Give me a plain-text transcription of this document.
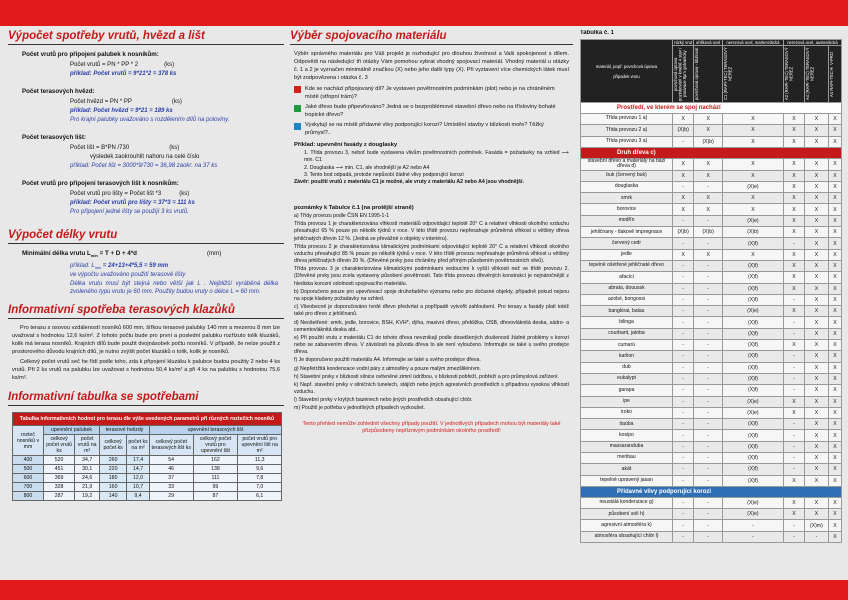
Výpočet spotřeby vrutů, hvězd a lišt
Počet vrutů pro připojení palubek k nosníkům:
Počet vrutů = PN * PP * 2	(ks)
příklad: Počet vrutů = 9*21*2 = 378 ks
Počet terasových hvězd:
Počet hvězd = PN * PP	(ks)
příklad: Počet hvězd = 9*21 = 189 ks
Pro krajní palubky uvažováno s rozdělením dílů na poloviny.
Počet terasových lišt:
Počet lišt = B*PN /730	(ks)
výsledek zaokrouhlit nahoru na celé číslo
příklad: Počet lišt = 3000*9/730 = 36,98 zaokr. na 37 ks
Počet vrutů pro připojení terasových lišt k nosníkům:
Počet vrutů pro lišty = Počet lišt *3	(ks)
příklad: Počet vrutů pro lišty = 37*3 = 111 ks
Pro připojení jedné lišty se použijí 3 ks vrutů.
Výpočet délky vrutu
Minimální délka vrutu $L_{min} = T + D + 4*d$	(mm)
příklad: $L_{min} = 24+13+4*5,5 = 59$ mm
ve výpočtu uvažováno použití terasové lišty
Délka vrutu musí být stejná nebo větší jak L . Nejbližší vyráběná délka zvoleného typu vrutu je 60 mm. Použity budou vruty o délce L = 60 mm.
Informativní spotřeba terasových klazůků
Pro terasu s osovou vzdáleností nosníků 600 mm, šířkou terasové palubky 140 mm a mezerou 8 mm lze uvažovat s hodnotou 12,6 ks/m². Z tohoto počtu bude pro první a poslední palubku rozřízuto tolik kluzáků, kolik má terasa nosníků. Krajních dílů bude použit dvojnásobek počtu nosníků. V případě, že nelze použít z prostorového důvodu krajních dílů, je nutno zvýšit počet kluzáků o tolik, kolik je nosníků.
Celkový počet vrutů seč he řídí podle toho, zda k připojení kluzáku k palubce budou použity 2 nebo 4 ks vrutů. Při 2 ks vrutů na palubku lze uvažovat s hodnotou 50,4 ks/m² a při 4 ks na palubku s hodnotou 75,6 ks/m².
Informativní tabulka se spotřebami
Tabulka informativních hodnot pro terasu dle výše uvedených parametrů při různých roztečích nosníků							
rozteč nosníků v mm	upevnění palubek		terasové hvězdy		upevnění terasových lišt		
	celkový počet vrutů ks	počet vrutů na m²	celkový počet ks	počet ks na m²	celkový počet terasových lišt ks	celkový počet vrutů pro upevnění lišt	počet vrutů pro upevnění lišt na m²
400	520	34,7	260	17,4	54	162	11,3
500	451	30,1	220	14,7	46	138	9,6
600	369	24,6	180	12,0	37	111	7,8
700	328	21,9	160	10,7	33	99	7,0
800	287	19,2	140	9,4	29	87	6,1
Výběr spojovacího materiálu
Výběr správného materiálu pro Váš projekt je rozhodující pro dlouhou životnost a Vaši spokojenost s dílem. Odpovědi na následující tři otázky Vám pomohou vybrat vhodný spojovací materiál. Vhodný materiál u otázky č. 1 a 2 je vyznačen minimálně značkou (X) nebo jeho další typy (X). Při vyztavení více chemických látek musí být zodpovězena i otázka č. 3
Kde se nachází připojovaný díl? Je vystaven povětrnostním podmínkám (plot) nebo je na chráněném místě (střopní trám)?
Jaké dřevo bude připevňováno? Jedná se o bezproblémové stavební dřevo nebo na třísloviny bohaté tropické dřevo?
Vyskytují se na místě přídavné vlivy podporující korozi? Umístění stavby v blízkosti moře? Těžký průmysl?..
Příklad: upevnění fasády z douglasky
1. Třída provozu 3, neboť bude vystavena vlivům povětrnostních podmínek. Fasáda = požadavky na vzhled ⟶ min. C1
2. Douglaska ⟶ min. C1, ale vhodnější je A2 nebo A4
3. Tento bod odpadá, protože nepůsobí žádné vlivy podporující korozi
Závěr: použití vrutů z materiálu C1 je možné, ale vruty z materiálu A2 nebo A4 jsou vhodnější.
poznámky k Tabulce č.1 (na protější straně)

a) Třídy provozu podle ČSN EN 1995-1-1

Třída provozu 1 je charakterizována vlhkostí materiálů odpovídající teplotě 20° C a relativní vlhkosti okolního vzduchu přesahující 65 % pouze po několik týdnů v roce. V této třídě provozu nepřesahuje průměrná vlhkost u většiny dřeva jehličnatých dřevin 12 %. (Jedná se převážně o objekty v interiéru).

Třída provozu 2 je charakterizována klimatickými podmínkami odpovídající teplotě 20° C a relativní vlhkosti okolního vzduchu přesahující 85 % pouze po několik týdnů v roce. V této třídě provozu nepřesahuje průměrná vlhkost u většiny dřeva jehličnatých dřevin 20 %. (Dřevěné prvky jsou chráněny před přímým působením povětrnostních vlivů).

Třída provozu 3 je charakterizována klimatickými podmínkami vedoucími k vyšší vlhkosti než ve třídě provozu 2. (Dřevěné prvky jsou zcela vystaveny působení povětrnosti. Tato třída provozu dřevěných konstrukcí je nejnáročnější z hlediska korozní odolnosti spojovacího materiálu.

b) Doporučeno pouze pro upevňovací spoje druhořadého významu nebo pro dočasné objekty, případně pokud nejsou na spoje kladeny požadavky na vzhled.

c) Všeobecně je doporučováno tvrdé dřevo předvrtat a popřípadě vytvořit zahloubení. Pro terasy a fasády platí totéž také pro dřevo z jehličnanů.

d) Neošetřené: smrk, jedle, borovice, BSH, KVH*, dýha, masivní dřevo, překližka, OSB, dřevovláknitá deska, sádro- a cementovláknitá deska atd..

e) Při použití vrutu z materiálu C1 do tohoto dřeva nevznikají podle dosetšených zkušeností žádné problémy s korozí nebo se zabarvením dřeva. V závislosti na původu dřeva to ale není vyloučeno. Informujte se také u svého prodejce dřeva.

f) Je doporučeno použití materiálu A4. Informujte se také u svého prodejce dřeva.

g) Nepřetržitá kondenzace vodní páry z atmosféry a pouze malým zmezšlilénívm.

h) Stavební prvky v blízkosti silnice ovlivněné zimní údržbou, v blízkosti pobřeží, pobřeží a pro průmyslová zařízení.

k) Např. stavební prvky v silničních tunelech, stájích nebo jiných agresivních prostředích s případnou vysokou vlhkostí vzduchu.

l) Stavební prvky v krytých bazénech nebo jiných prostředích obsahující chlór.

m) Použití je potřeba v jednotlivých případech vyzkoušet.

Tento přehled nemůže zohlednit všechny případy použití. V jednotlivých případech mohou být materiály také přizpůsobeny nepříznivým podmínkám okolního prostředí!
Tabulka č. 1
materiál, popř. povrchová úprava

připadek vrutu	nízký vrut	uhlíková ocel	nerezová ocel, martenzitická	nerezová ocel, austenitická		

	povrchová úprava pozinkování v kvalitě 4 stav / pasivace 8µm galvanicky	povrchová úprava - kbzlovat	C1 (RAPI-TEC) TERASOVÝ NEREZ	A2 (RAPI-TEC) TERASOVÝ NEREZ	A4 (RAPI-TEC) TERASOVÝ NEREZ	A4 RAPI-TEC® V-PRO

Prostředí, ve kterém se spoj nachází						
Třída provozu 1 a)	X	X	X	X	X	X
Třída provozu 2 a)	(X)b)	X	X	X	X	X
Třída provozu 3 a)	-	(X)b)	X	X	X	X
Druh dřeva c)						
stavební dřevo a materiály na bázi dřeva d)	X	X	X	X	X	X
buk (červený buk)	X	X	X	X	X	X
douglaska	-	-	(X)e)	X	X	X
smrk	X	X	X	X	X	X
borovice	X	X	X	X	X	X
modřín	-	-	(X)e)	X	X	X
jehličnany - tlakově impregnace	(X)b)	(X)b)	(X)b)	X	X	X
červený cedr	-	-	(X)f)	-	X	X
jedle	X	X	X	X	X	X
tepelně ošetřené jehličnaté dřevo	-	-	(X)f)	X	X	X
afacíci	-	-	(X)f)	X	X	X
abrata, douussk	-	-	(X)f)	X	X	X
azobé, bongossi	-	-	(X)f)	-	X	X
bangkirai, balau	-	-	(X)e)	X	X	X
bilinga	-	-	(X)f)	-	X	X
courbarit, jatoba	-	-	(X)f)	-	X	X
cumarú	-	-	(X)f)	X	X	X
karlion	-	-	(X)f)	-	X	X
dub	-	-	(X)f)	-	X	X
eukalypt	-	-	(X)f)	-	X	X
garapa	-	-	(X)f)	-	X	X
ipe	-	-	(X)e)	X	X	X
iroko	-	-	(X)e)	X	X	X
itaúba	-	-	(X)f)	-	X	X
kosipo	-	-	(X)f)	-	X	X
massaranduba	-	-	(X)f)	-	X	X
meribau	-	-	(X)f)	-	X	X
akát	-	-	(X)f)	-	X	X
tepelně upravený jasan	-	-	(X)f)	X	X	X
Přídavné vlivy podporující korozi						
neustálá kondenzace g)	-	-	(X)e)	X	X	X
působení soli h)	-	-	(X)e)	X	X	X
agresivní atmosféra k)	-	-	-	-	(X)m)	X
atmosféra obsahující chlór l)	-	-	-	-	-	X
